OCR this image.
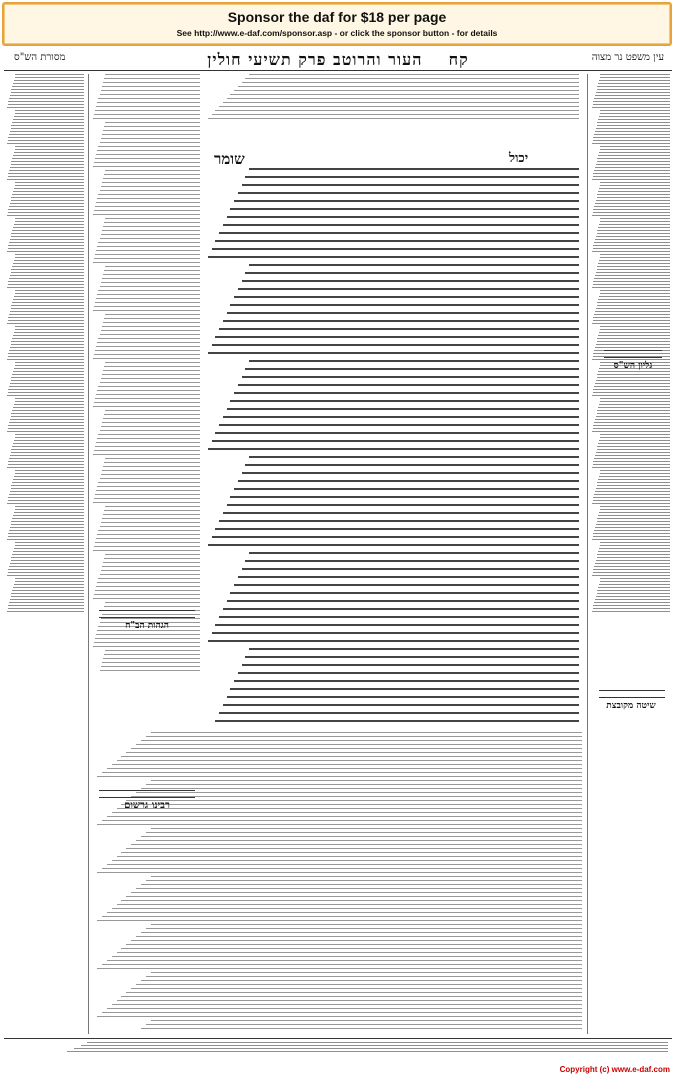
Sponsor the daf for $18 per page
See http://www.e-daf.com/sponsor.asp - or click the sponsor button - for details
מסורת הש"ס	קח    העור והרוטב פרק תשיעי חולין	עין משפט נר מצוה
יכול
שומר
גליון הש"ס
הגהות הב"ח
שיטה מקובצת
רבינו גרשום
Copyright (c) www.e-daf.com
